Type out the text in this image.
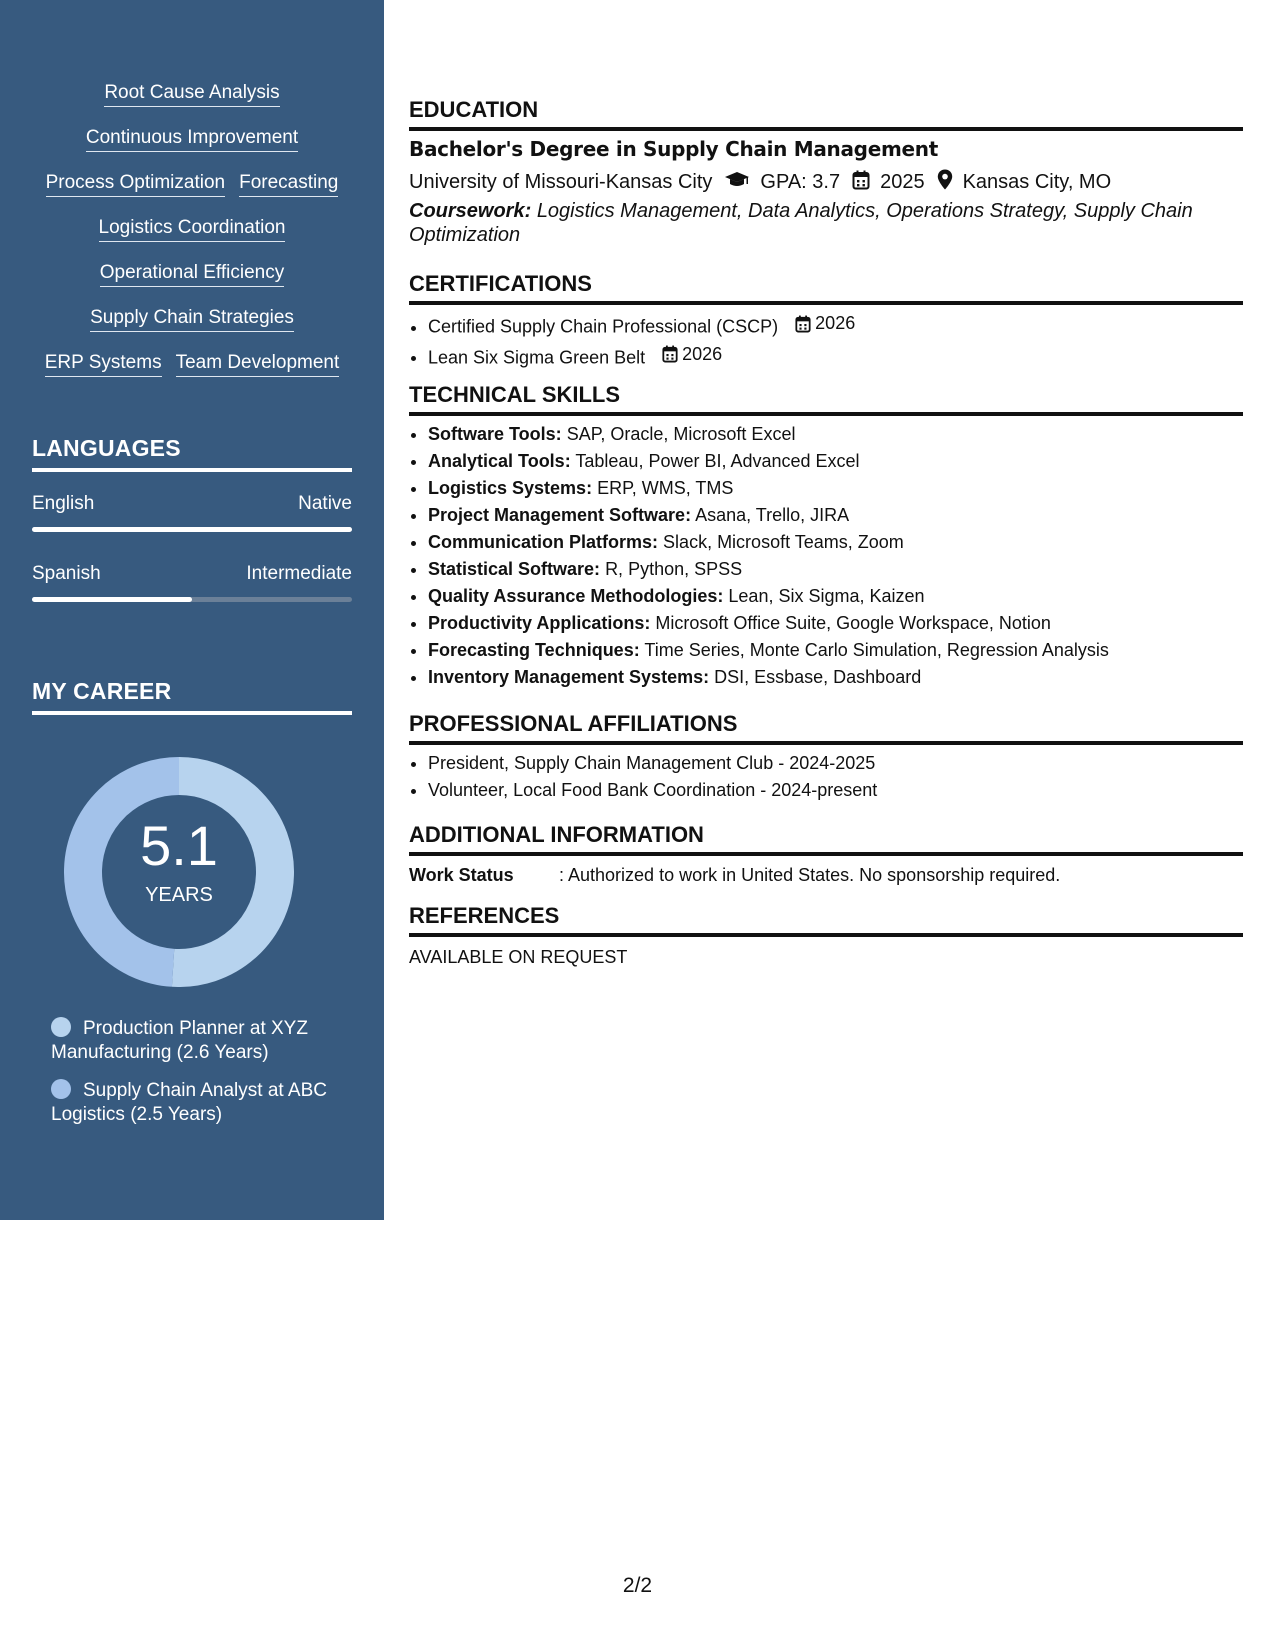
Root Cause Analysis
Continuous Improvement
Process Optimization Forecasting
Logistics Coordination
Operational Efficiency
Supply Chain Strategies
ERP Systems Team Development
LANGUAGES
English	Native
Spanish	Intermediate
MY CAREER
5.1
YEARS
Production Planner at XYZ Manufacturing (2.6 Years)
Supply Chain Analyst at ABC Logistics (2.5 Years)
EDUCATION
Bachelor's Degree in Supply Chain Management
University of Missouri-Kansas City GPA: 3.7 2025 Kansas City, MO
Coursework: Logistics Management, Data Analytics, Operations Strategy, Supply Chain Optimization
CERTIFICATIONS
• Certified Supply Chain Professional (CSCP) 2026
• Lean Six Sigma Green Belt 2026
TECHNICAL SKILLS
• Software Tools: SAP, Oracle, Microsoft Excel
• Analytical Tools: Tableau, Power BI, Advanced Excel
• Logistics Systems: ERP, WMS, TMS
• Project Management Software: Asana, Trello, JIRA
• Communication Platforms: Slack, Microsoft Teams, Zoom
• Statistical Software: R, Python, SPSS
• Quality Assurance Methodologies: Lean, Six Sigma, Kaizen
• Productivity Applications: Microsoft Office Suite, Google Workspace, Notion
• Forecasting Techniques: Time Series, Monte Carlo Simulation, Regression Analysis
• Inventory Management Systems: DSI, Essbase, Dashboard
PROFESSIONAL AFFILIATIONS
• President, Supply Chain Management Club - 2024-2025
• Volunteer, Local Food Bank Coordination - 2024-present
ADDITIONAL INFORMATION
Work Status	: Authorized to work in United States. No sponsorship required.
REFERENCES
AVAILABLE ON REQUEST
2/2
